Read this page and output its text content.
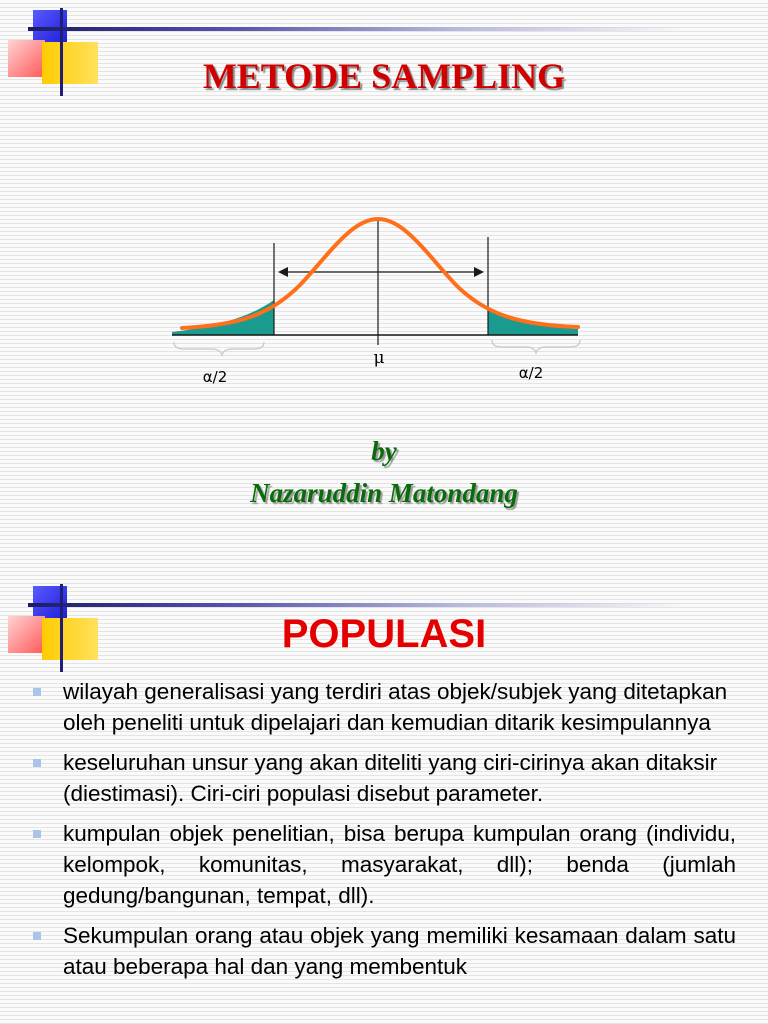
METODE SAMPLING
μ
α/2	α/2
by
Nazaruddin Matondang
POPULASI
wilayah generalisasi yang terdiri atas objek/subjek yang ditetapkan oleh peneliti untuk dipelajari dan kemudian ditarik kesimpulannya
keseluruhan unsur yang akan diteliti yang ciri-cirinya akan ditaksir (diestimasi). Ciri-ciri populasi disebut parameter.
kumpulan objek penelitian, bisa berupa kumpulan orang (individu, kelompok, komunitas, masyarakat, dll); benda (jumlah gedung/bangunan, tempat, dll).
Sekumpulan orang atau objek yang memiliki kesamaan dalam satu atau beberapa hal dan yang membentuk
